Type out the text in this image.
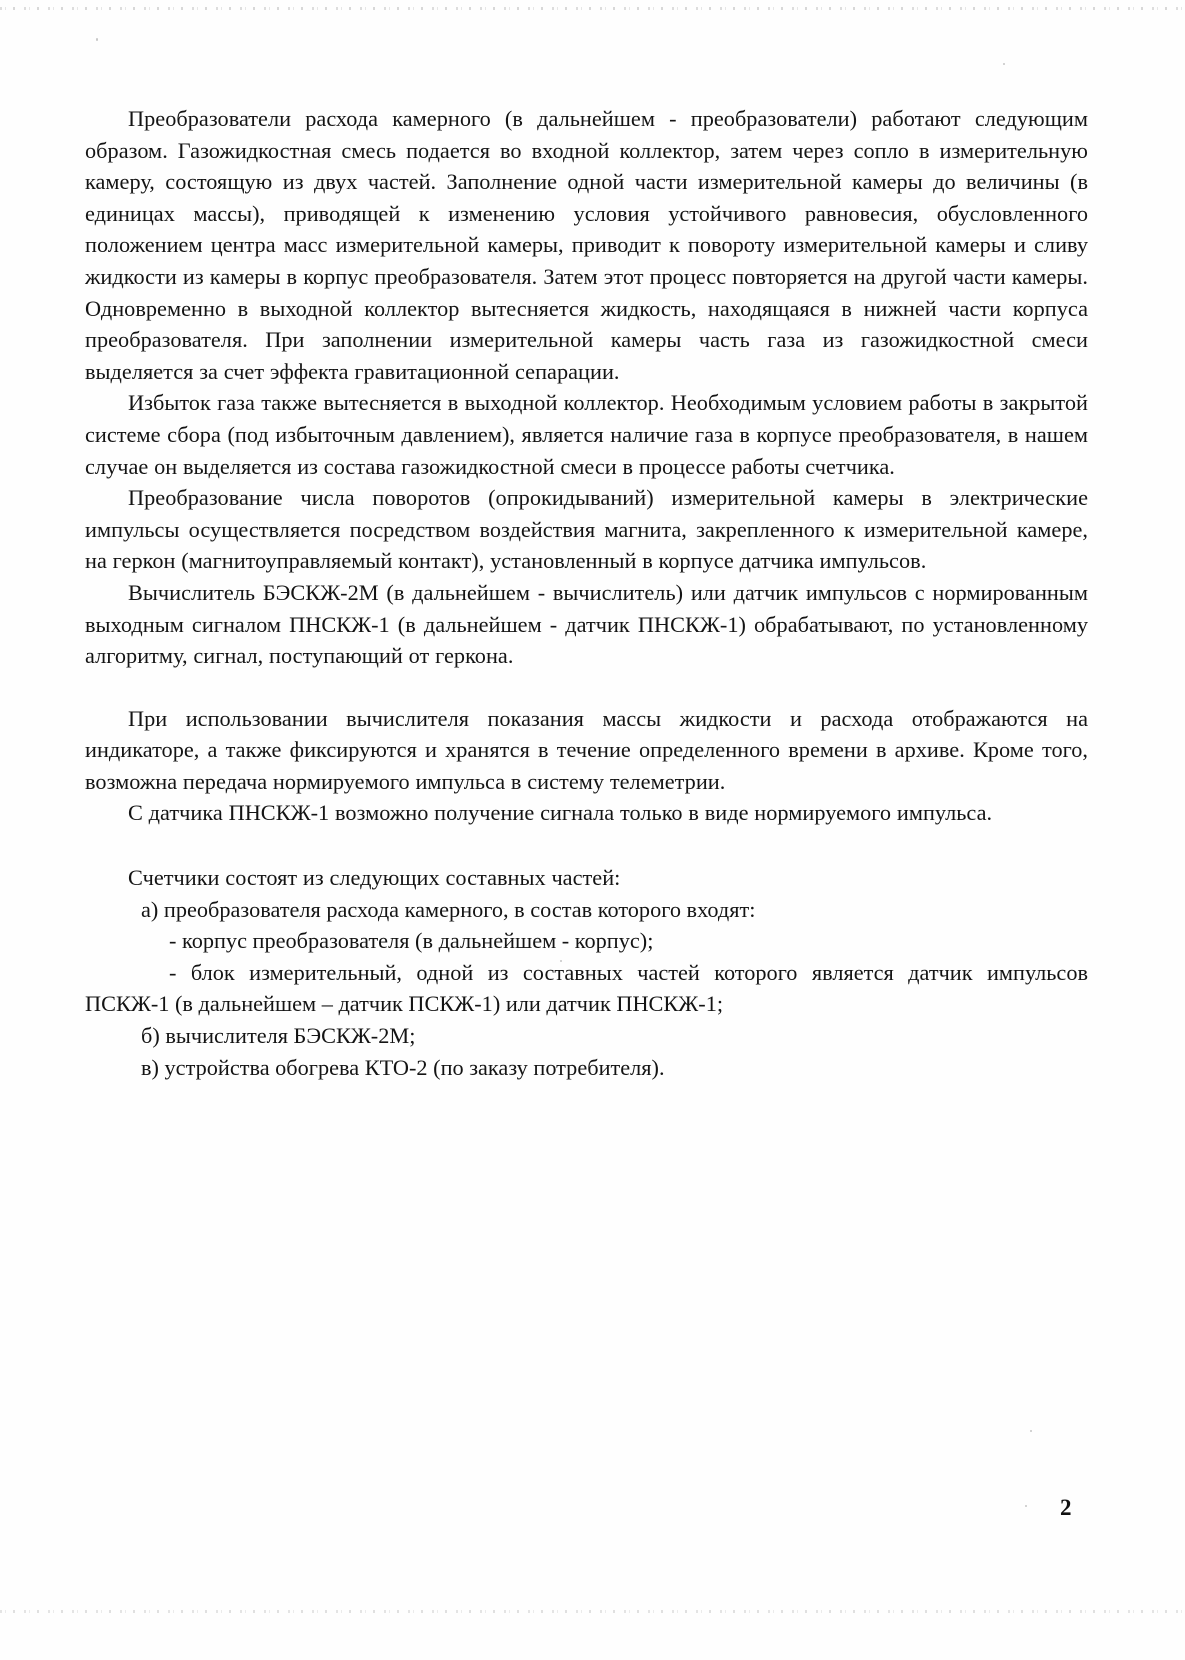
Преобразователи расхода камерного (в дальнейшем - преобразователи) работают следующим образом. Газожидкостная смесь подается во входной коллектор, затем через сопло в измерительную камеру, состоящую из двух частей. Заполнение одной части измерительной камеры до величины (в единицах массы), приводящей к изменению условия устойчивого равновесия, обусловленного положением центра масс измерительной камеры, приводит к повороту измерительной камеры и сливу жидкости из камеры в корпус преобразователя. Затем этот процесс повторяется на другой части камеры. Одновременно в выходной коллектор вытесняется жидкость, находящаяся в нижней части корпуса преобразователя. При заполнении измерительной камеры часть газа из газожидкостной смеси выделяется за счет эффекта гравитационной сепарации.

Избыток газа также вытесняется в выходной коллектор. Необходимым условием работы в закрытой системе сбора (под избыточным давлением), является наличие газа в корпусе преобразователя, в нашем случае он выделяется из состава газожидкостной смеси в процессе работы счетчика.

Преобразование числа поворотов (опрокидываний) измерительной камеры в электрические импульсы осуществляется посредством воздействия магнита, закрепленного к измерительной камере, на геркон (магнитоуправляемый контакт), установленный в корпусе датчика импульсов.

Вычислитель БЭСКЖ-2М (в дальнейшем - вычислитель) или датчик импульсов с нормированным выходным сигналом ПНСКЖ-1 (в дальнейшем - датчик ПНСКЖ-1) обрабатывают, по установленному алгоритму, сигнал, поступающий от геркона.

При использовании вычислителя показания массы жидкости и расхода отображаются на индикаторе, а также фиксируются и хранятся в течение определенного времени в архиве. Кроме того, возможна передача нормируемого импульса в систему телеметрии.

С датчика ПНСКЖ-1 возможно получение сигнала только в виде нормируемого импульса.

Счетчики состоят из следующих составных частей:

а) преобразователя расхода камерного, в состав которого входят:

- корпус преобразователя (в дальнейшем - корпус);

- блок измерительный, одной из составных частей которого является датчик импульсов ПСКЖ-1 (в дальнейшем – датчик ПСКЖ-1) или датчик ПНСКЖ-1;

б) вычислителя БЭСКЖ-2М;

в) устройства обогрева КТО-2 (по заказу потребителя).

2
